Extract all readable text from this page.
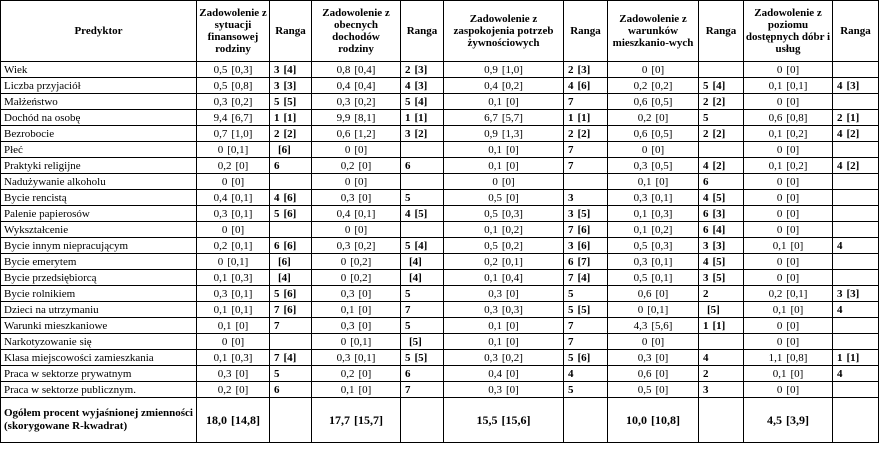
Predyktor	Zadowolenie z sytuacji finansowej rodziny	Ranga	Zadowolenie z obecnych dochodów rodziny	Ranga	Zadowolenie z zaspokojenia potrzeb żywnościowych	Ranga	Zadowolenie z warunków mieszkanio-wych	Ranga	Zadowolenie z poziomu dostępnych dóbr i usług	Ranga
Wiek	0,5 [0,3]	3 [4]	0,8 [0,4]	2 [3]	0,9 [1,0]	2 [3]	0 [0]		0 [0]	
Liczba przyjaciół	0,5 [0,8]	3 [3]	0,4 [0,4]	4 [3]	0,4 [0,2]	4 [6]	0,2 [0,2]	5 [4]	0,1 [0,1]	4 [3]
Małżeństwo	0,3 [0,2]	5 [5]	0,3 [0,2]	5 [4]	0,1 [0]	7	0,6 [0,5]	2 [2]	0 [0]	
Dochód na osobę	9,4 [6,7]	1 [1]	9,9 [8,1]	1 [1]	6,7 [5,7]	1 [1]	0,2 [0]	5	0,6 [0,8]	2 [1]
Bezrobocie	0,7 [1,0]	2 [2]	0,6 [1,2]	3 [2]	0,9 [1,3]	2 [2]	0,6 [0,5]	2 [2]	0,1 [0,2]	4 [2]
Płeć	0 [0,1]	[6]	0 [0]		0,1 [0]	7	0 [0]		0 [0]	
Praktyki religijne	0,2 [0]	6	0,2 [0]	6	0,1 [0]	7	0,3 [0,5]	4 [2]	0,1 [0,2]	4 [2]
Nadużywanie alkoholu	0 [0]		0 [0]		0 [0]		0,1 [0]	6	0 [0]	
Bycie rencistą	0,4 [0,1]	4 [6]	0,3 [0]	5	0,5 [0]	3	0,3 [0,1]	4 [5]	0 [0]	
Palenie papierosów	0,3 [0,1]	5 [6]	0,4 [0,1]	4 [5]	0,5 [0,3]	3 [5]	0,1 [0,3]	6 [3]	0 [0]	
Wykształcenie	0 [0]		0 [0]		0,1 [0,2]	7 [6]	0,1 [0,2]	6 [4]	0 [0]	
Bycie innym niepracującym	0,2 [0,1]	6 [6]	0,3 [0,2]	5 [4]	0,5 [0,2]	3 [6]	0,5 [0,3]	3 [3]	0,1 [0]	4
Bycie emerytem	0 [0,1]	[6]	0 [0,2]	[4]	0,2 [0,1]	6 [7]	0,3 [0,1]	4 [5]	0 [0]	
Bycie przedsiębiorcą	0,1 [0,3]	[4]	0 [0,2]	[4]	0,1 [0,4]	7 [4]	0,5 [0,1]	3 [5]	0 [0]	
Bycie rolnikiem	0,3 [0,1]	5 [6]	0,3 [0]	5	0,3 [0]	5	0,6 [0]	2	0,2 [0,1]	3 [3]
Dzieci na utrzymaniu	0,1 [0,1]	7 [6]	0,1 [0]	7	0,3 [0,3]	5 [5]	0 [0,1]	[5]	0,1 [0]	4
Warunki mieszkaniowe	0,1 [0]	7	0,3 [0]	5	0,1 [0]	7	4,3 [5,6]	1 [1]	0 [0]	
Narkotyzowanie się	0 [0]		0 [0,1]	[5]	0,1 [0]	7	0 [0]		0 [0]	
Klasa miejscowości zamieszkania	0,1 [0,3]	7 [4]	0,3 [0,1]	5 [5]	0,3 [0,2]	5 [6]	0,3 [0]	4	1,1 [0,8]	1 [1]
Praca w sektorze prywatnym	0,3 [0]	5	0,2 [0]	6	0,4 [0]	4	0,6 [0]	2	0,1 [0]	4
Praca w sektorze publicznym.	0,2 [0]	6	0,1 [0]	7	0,3 [0]	5	0,5 [0]	3	0 [0]	
Ogółem procent wyjaśnionej zmienności (skorygowane R-kwadrat)	18,0 [14,8]		17,7 [15,7]		15,5 [15,6]		10,0 [10,8]		4,5 [3,9]	
